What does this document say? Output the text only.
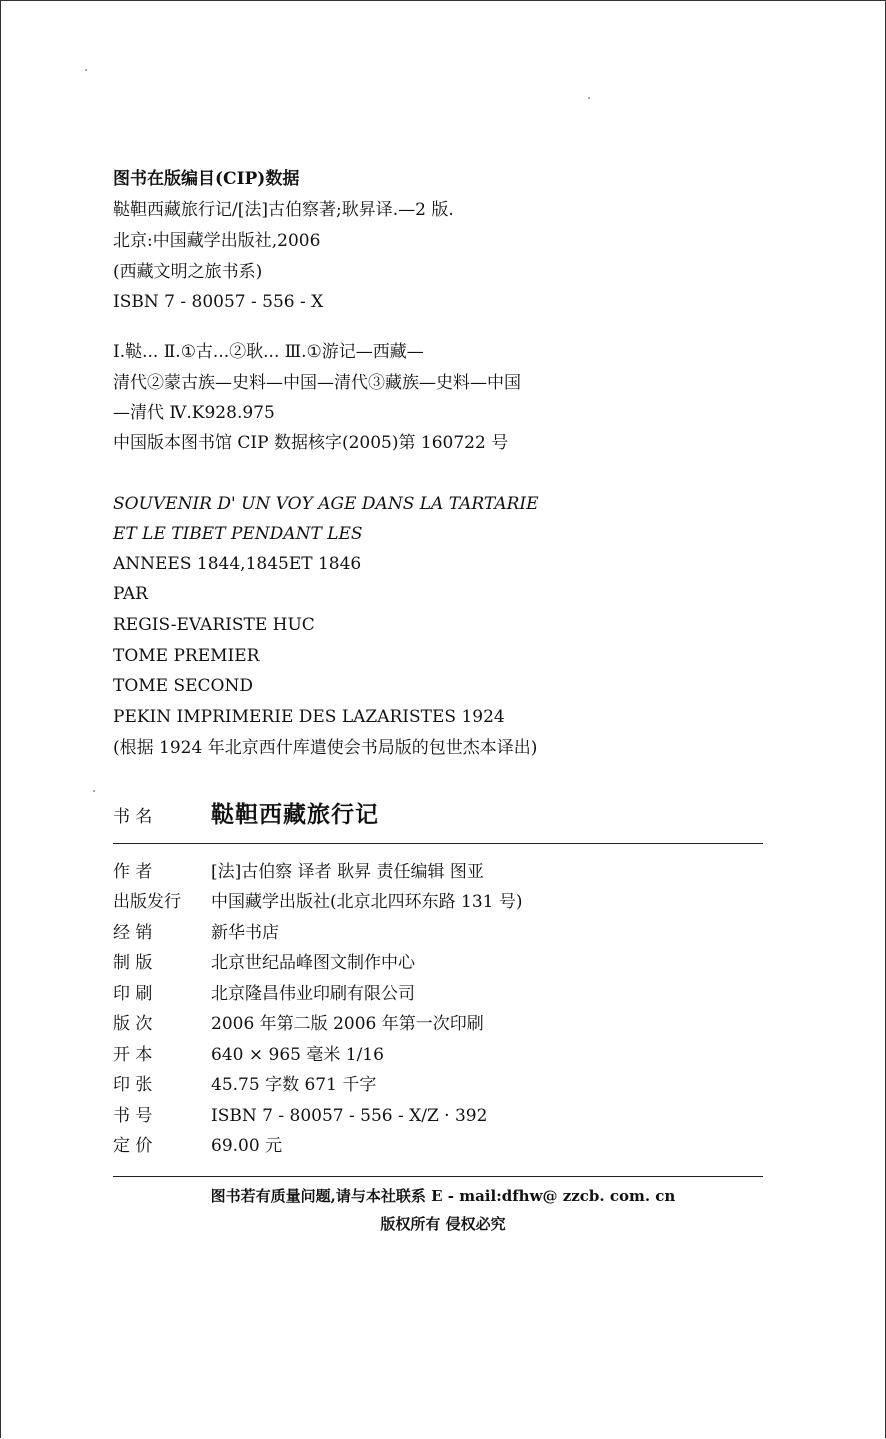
图书在版编目(CIP)数据
鞑靼西藏旅行记/[法]古伯察著;耿昇译.—2 版.
北京:中国藏学出版社,2006
(西藏文明之旅书系)
ISBN 7 - 80057 - 556 - X
Ⅰ.鞑... Ⅱ.①古...②耿... Ⅲ.①游记—西藏—
清代②蒙古族—史料—中国—清代③藏族—史料—中国
—清代 Ⅳ.K928.975
中国版本图书馆 CIP 数据核字(2005)第 160722 号
SOUVENIR D' UN VOY AGE DANS LA TARTARIE
ET LE TIBET PENDANT LES
ANNEES 1844,1845ET 1846
PAR
REGIS-EVARISTE HUC
TOME PREMIER
TOME SECOND
PEKIN IMPRIMERIE DES LAZARISTES 1924
(根据 1924 年北京西什库遣使会书局版的包世杰本译出)
书 名	鞑靼西藏旅行记
作 者	[法]古伯察 译者 耿昇 责任编辑 图亚
出版发行 中国藏学出版社(北京北四环东路 131 号)
经 销	新华书店
制 版	北京世纪品峰图文制作中心
印 刷	北京隆昌伟业印刷有限公司
版 次	2006 年第二版 2006 年第一次印刷
开 本	640 × 965 毫米 1/16
印 张	45.75 字数 671 千字
书 号	ISBN 7 - 80057 - 556 - X/Z · 392
定 价	69.00 元
图书若有质量问题,请与本社联系 E - mail:dfhw@ zzcb. com. cn
版权所有 侵权必究
